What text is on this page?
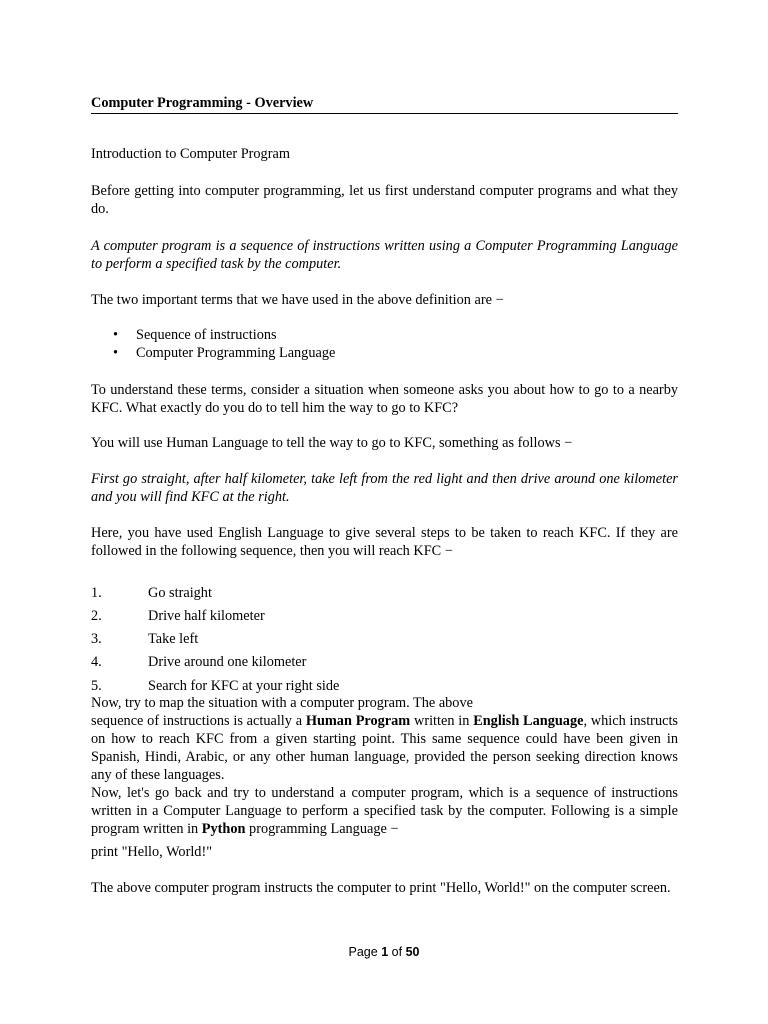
Computer Programming - Overview

Introduction to Computer Program

Before getting into computer programming, let us first understand computer programs and what they do.

A computer program is a sequence of instructions written using a Computer Programming Language to perform a specified task by the computer.

The two important terms that we have used in the above definition are −

• Sequence of instructions
• Computer Programming Language

To understand these terms, consider a situation when someone asks you about how to go to a nearby KFC. What exactly do you do to tell him the way to go to KFC?

You will use Human Language to tell the way to go to KFC, something as follows −

First go straight, after half kilometer, take left from the red light and then drive around one kilometer and you will find KFC at the right.

Here, you have used English Language to give several steps to be taken to reach KFC. If they are followed in the following sequence, then you will reach KFC −

1.	Go straight
2.	Drive half kilometer
3.	Take left
4.	Drive around one kilometer
5.	Search for KFC at your right side

Now, try to map the situation with a computer program. The above

sequence of instructions is actually a Human Program written in English Language, which instructs on how to reach KFC from a given starting point. This same sequence could have been given in Spanish, Hindi, Arabic, or any other human language, provided the person seeking direction knows any of these languages.

Now, let's go back and try to understand a computer program, which is a sequence of instructions written in a Computer Language to perform a specified task by the computer. Following is a simple program written in Python programming Language −

print "Hello, World!"

The above computer program instructs the computer to print "Hello, World!" on the computer screen.

Page 1 of 50
